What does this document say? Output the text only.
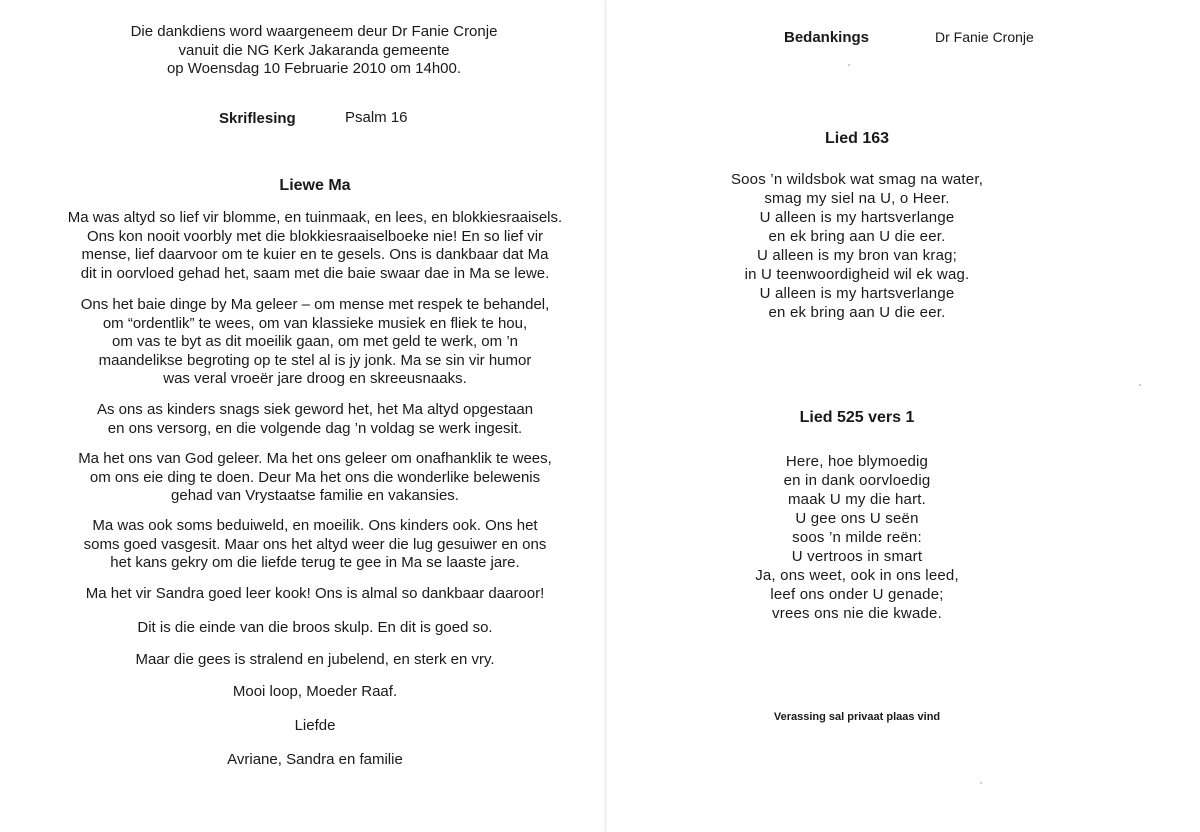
Die dankdiens word waargeneem deur Dr Fanie Cronje
vanuit die NG Kerk Jakaranda gemeente
op Woensdag 10 Februarie 2010 om 14h00.
Skriflesing	Psalm 16
Liewe Ma
Ma was altyd so lief vir blomme, en tuinmaak, en lees, en blokkiesraaisels.
Ons kon nooit voorbly met die blokkiesraaiselboeke nie! En so lief vir
mense, lief daarvoor om te kuier en te gesels. Ons is dankbaar dat Ma
dit in oorvloed gehad het, saam met die baie swaar dae in Ma se lewe.
Ons het baie dinge by Ma geleer – om mense met respek te behandel,
om “ordentlik” te wees, om van klassieke musiek en fliek te hou,
om vas te byt as dit moeilik gaan, om met geld te werk, om ’n
maandelikse begroting op te stel al is jy jonk. Ma se sin vir humor
was veral vroeër jare droog en skreeusnaaks.
As ons as kinders snags siek geword het, het Ma altyd opgestaan
en ons versorg, en die volgende dag ’n voldag se werk ingesit.
Ma het ons van God geleer. Ma het ons geleer om onafhanklik te wees,
om ons eie ding te doen. Deur Ma het ons die wonderlike belewenis
gehad van Vrystaatse familie en vakansies.
Ma was ook soms beduiweld, en moeilik. Ons kinders ook. Ons het
soms goed vasgesit. Maar ons het altyd weer die lug gesuiwer en ons
het kans gekry om die liefde terug te gee in Ma se laaste jare.
Ma het vir Sandra goed leer kook! Ons is almal so dankbaar daaroor!
Dit is die einde van die broos skulp. En dit is goed so.
Maar die gees is stralend en jubelend, en sterk en vry.
Mooi loop, Moeder Raaf.
Liefde
Avriane, Sandra en familie
Bedankings	Dr Fanie Cronje
Lied 163
Soos ’n wildsbok wat smag na water,
smag my siel na U, o Heer.
U alleen is my hartsverlange
en ek bring aan U die eer.
U alleen is my bron van krag;
in U teenwoordigheid wil ek wag.
U alleen is my hartsverlange
en ek bring aan U die eer.
Lied 525 vers 1
Here, hoe blymoedig
en in dank oorvloedig
maak U my die hart.
U gee ons U seën
soos ’n milde reën:
U vertroos in smart
Ja, ons weet, ook in ons leed,
leef ons onder U genade;
vrees ons nie die kwade.
Verassing sal privaat plaas vind
